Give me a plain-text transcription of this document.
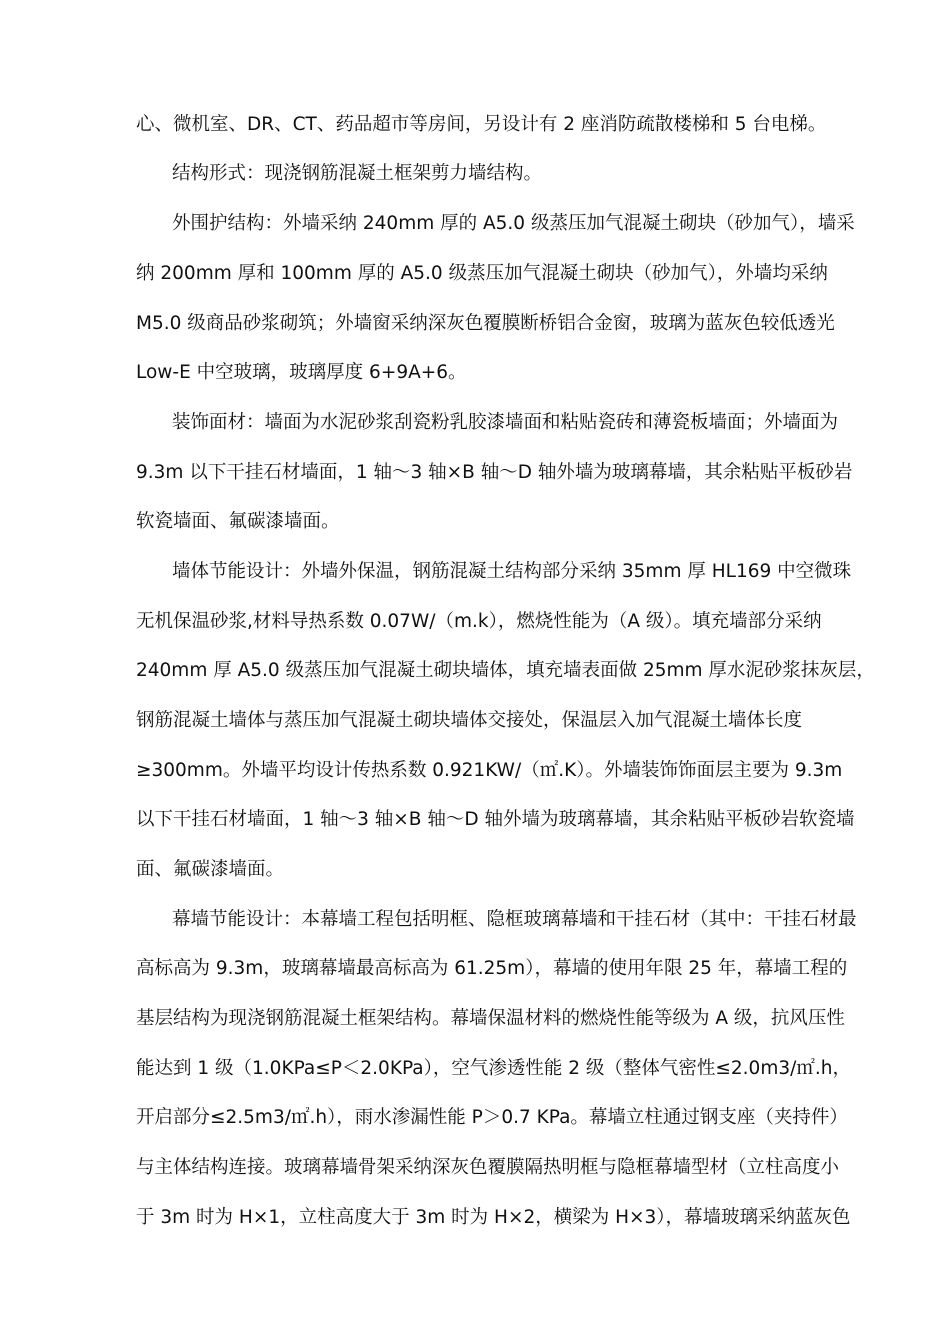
心、微机室、DR、CT、药品超市等房间，另设计有 2 座消防疏散楼梯和 5 台电梯。
结构形式：现浇钢筋混凝土框架剪力墙结构。
外围护结构：外墙采纳 240mm 厚的 A5.0 级蒸压加气混凝土砌块（砂加气），墙采
纳 200mm 厚和 100mm 厚的 A5.0 级蒸压加气混凝土砌块（砂加气），外墙均采纳
M5.0 级商品砂浆砌筑；外墙窗采纳深灰色覆膜断桥铝合金窗，玻璃为蓝灰色较低透光
Low-E 中空玻璃，玻璃厚度 6+9A+6。
装饰面材：墙面为水泥砂浆刮瓷粉乳胶漆墙面和粘贴瓷砖和薄瓷板墙面；外墙面为
9.3m 以下干挂石材墙面，1 轴～3 轴×B 轴～D 轴外墙为玻璃幕墙，其余粘贴平板砂岩
软瓷墙面、氟碳漆墙面。
墙体节能设计：外墙外保温，钢筋混凝土结构部分采纳 35mm 厚 HL169 中空微珠
无机保温砂浆,材料导热系数 0.07W/（m.k），燃烧性能为（A 级）。填充墙部分采纳
240mm 厚 A5.0 级蒸压加气混凝土砌块墙体，填充墙表面做 25mm 厚水泥砂浆抹灰层，
钢筋混凝土墙体与蒸压加气混凝土砌块墙体交接处，保温层入加气混凝土墙体长度
≥300mm。外墙平均设计传热系数 0.921KW/（㎡.K）。外墙装饰饰面层主要为 9.3m
以下干挂石材墙面，1 轴～3 轴×B 轴～D 轴外墙为玻璃幕墙，其余粘贴平板砂岩软瓷墙
面、氟碳漆墙面。
幕墙节能设计：本幕墙工程包括明框、隐框玻璃幕墙和干挂石材（其中：干挂石材最
高标高为 9.3m，玻璃幕墙最高标高为 61.25m），幕墙的使用年限 25 年，幕墙工程的
基层结构为现浇钢筋混凝土框架结构。幕墙保温材料的燃烧性能等级为 A 级，抗风压性
能达到 1 级（1.0KPa≤P＜2.0KPa），空气渗透性能 2 级（整体气密性≤2.0m3/㎡.h，
开启部分≤2.5m3/㎡.h），雨水渗漏性能 P＞0.7 KPa。幕墙立柱通过钢支座（夹持件）
与主体结构连接。玻璃幕墙骨架采纳深灰色覆膜隔热明框与隐框幕墙型材（立柱高度小
于 3m 时为 H×1，立柱高度大于 3m 时为 H×2，横梁为 H×3），幕墙玻璃采纳蓝灰色
